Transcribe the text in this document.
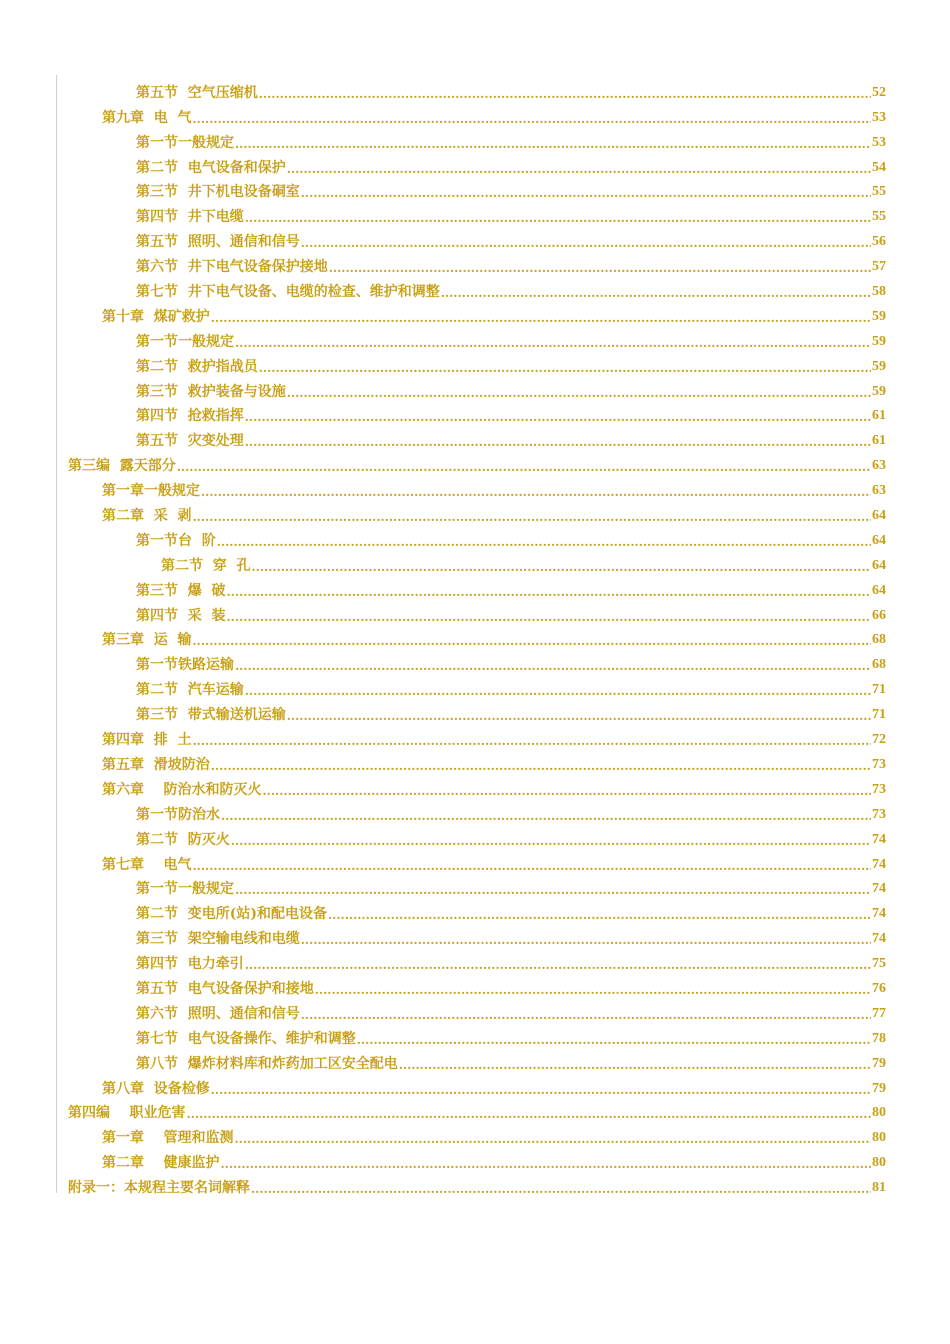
第五节  空气压缩机 .....	52
第九章  电  气 .....	53
第一节一般规定 .....	53
第二节  电气设备和保护 .....	54
第三节  井下机电设备硐室 .....	55
第四节  井下电缆 .....	55
第五节  照明、通信和信号 .....	56
第六节  井下电气设备保护接地 .....	57
第七节  井下电气设备、电缆的检查、维护和调整 .....	58
第十章  煤矿救护 .....	59
第一节一般规定 .....	59
第二节  救护指战员 .....	59
第三节  救护装备与设施 .....	59
第四节  抢救指挥 .....	61
第五节  灾变处理 .....	61
第三编  露天部分 .....	63
第一章一般规定 .....	63
第二章  采  剥 .....	64
第一节台  阶 .....	64
第二节  穿  孔 .....	64
第三节  爆  破 .....	64
第四节  采  装 .....	66
第三章  运  输 .....	68
第一节铁路运输 .....	68
第二节  汽车运输 .....	71
第三节  带式输送机运输 .....	71
第四章  排  土 .....	72
第五章  滑坡防治 .....	73
第六章    防治水和防灭火 .....	73
第一节防治水 .....	73
第二节  防灭火 .....	74
第七章    电气 .....	74
第一节一般规定 .....	74
第二节  变电所(站)和配电设备 .....	74
第三节  架空输电线和电缆 .....	74
第四节  电力牵引 .....	75
第五节  电气设备保护和接地 .....	76
第六节  照明、通信和信号 .....	77
第七节  电气设备操作、维护和调整 .....	78
第八节  爆炸材料库和炸药加工区安全配电 .....	79
第八章  设备检修 .....	79
第四编    职业危害 .....	80
第一章    管理和监测 .....	80
第二章    健康监护 .....	80
附录一：本规程主要名词解释 .....	81
